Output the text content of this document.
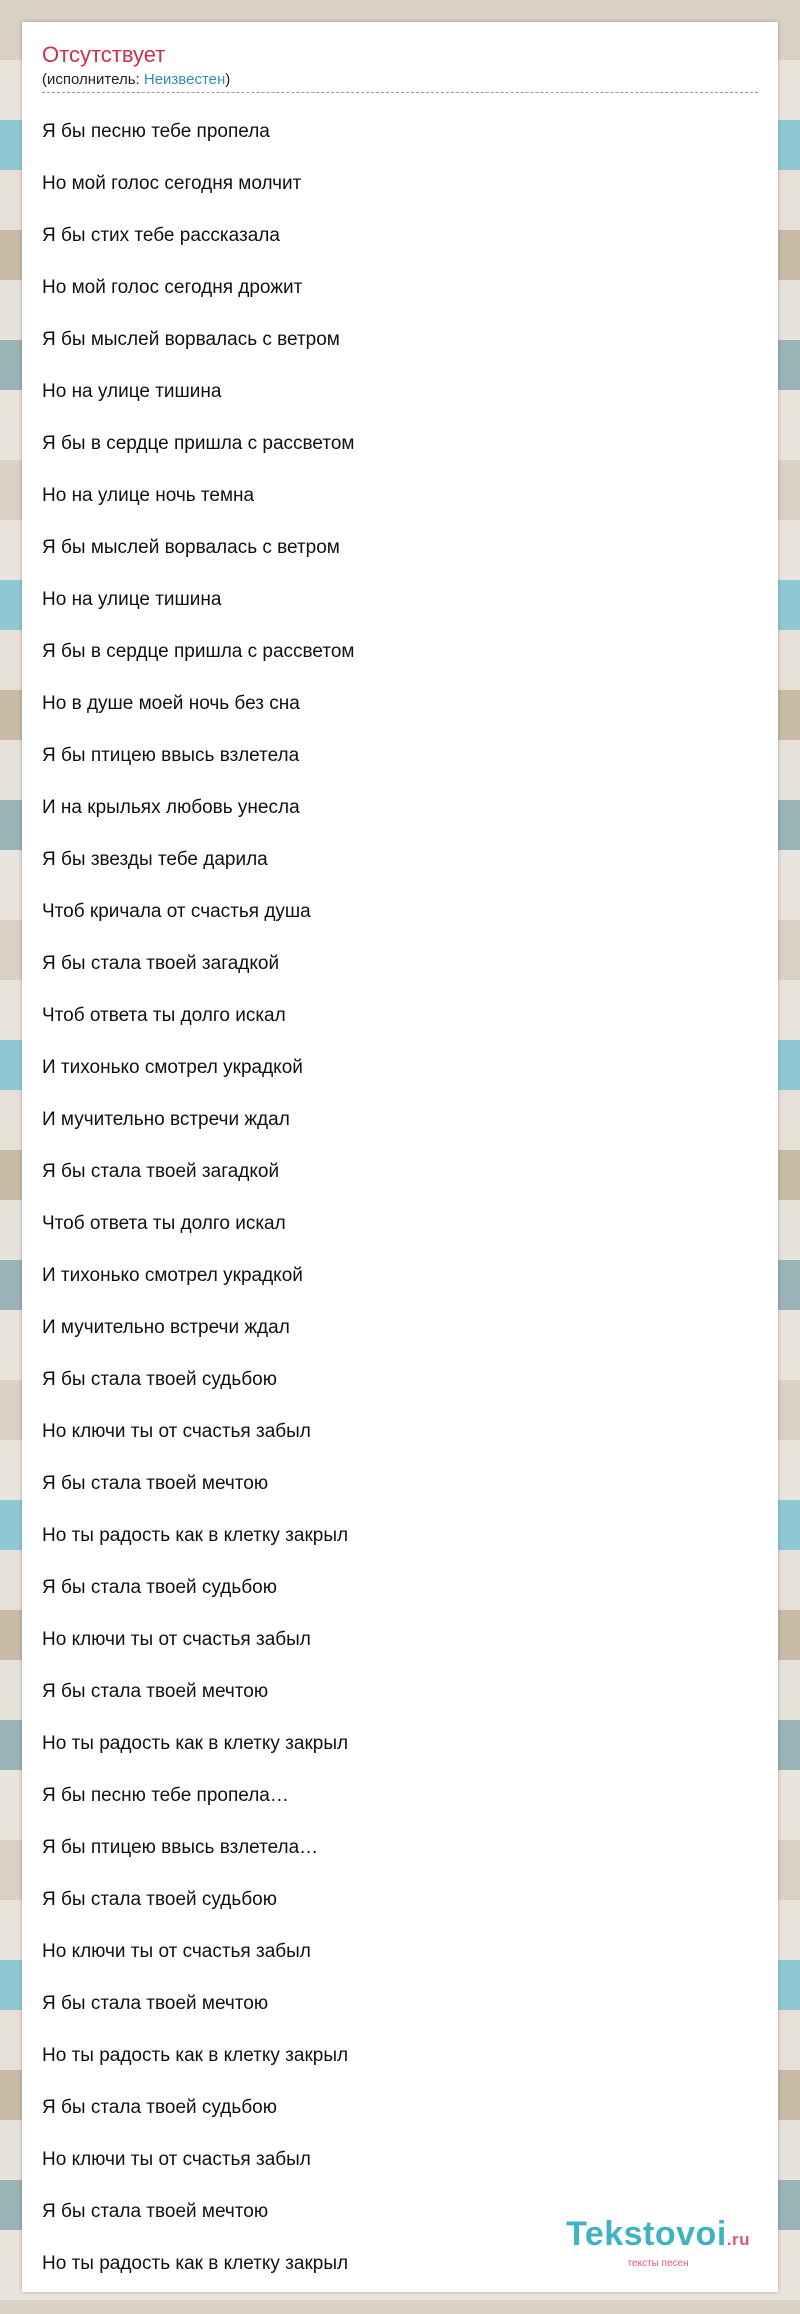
Отсутствует
(исполнитель: Неизвестен)
Я бы песню тебе пропела
Но мой голос сегодня молчит
Я бы стих тебе рассказала
Но мой голос сегодня дрожит
Я бы мыслей ворвалась с ветром
Но на улице тишина
Я бы в сердце пришла с рассветом
Но на улице ночь темна
Я бы мыслей ворвалась с ветром
Но на улице тишина
Я бы в сердце пришла с рассветом
Но в душе моей ночь без сна
Я бы птицею ввысь взлетела
И на крыльях любовь унесла
Я бы звезды тебе дарила
Чтоб кричала от счастья душа
Я бы стала твоей загадкой
Чтоб ответа ты долго искал
И тихонько смотрел украдкой
И мучительно встречи ждал
Я бы стала твоей загадкой
Чтоб ответа ты долго искал
И тихонько смотрел украдкой
И мучительно встречи ждал
Я бы стала твоей судьбою
Но ключи ты от счастья забыл
Я бы стала твоей мечтою
Но ты радость как в клетку закрыл
Я бы стала твоей судьбою
Но ключи ты от счастья забыл
Я бы стала твоей мечтою
Но ты радость как в клетку закрыл
Я бы песню тебе пропела…
Я бы птицею ввысь взлетела…
Я бы стала твоей судьбою
Но ключи ты от счастья забыл
Я бы стала твоей мечтою
Но ты радость как в клетку закрыл
Я бы стала твоей судьбою
Но ключи ты от счастья забыл
Я бы стала твоей мечтою
Но ты радость как в клетку закрыл
Tekstovoi.ru
тексты песен
